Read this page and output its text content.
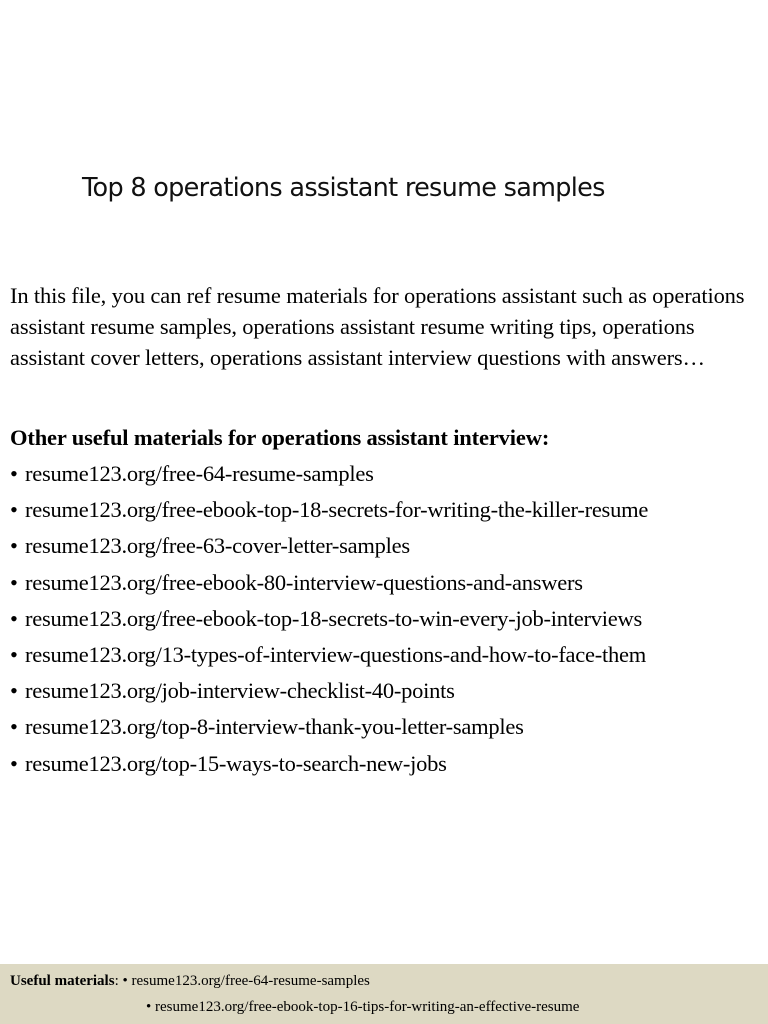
Top 8 operations assistant resume samples

In this file, you can ref resume materials for operations assistant such as operations assistant resume samples, operations assistant resume writing tips, operations assistant cover letters, operations assistant interview questions with answers…

Other useful materials for operations assistant interview:
• resume123.org/free-64-resume-samples
• resume123.org/free-ebook-top-18-secrets-for-writing-the-killer-resume
• resume123.org/free-63-cover-letter-samples
• resume123.org/free-ebook-80-interview-questions-and-answers
• resume123.org/free-ebook-top-18-secrets-to-win-every-job-interviews
• resume123.org/13-types-of-interview-questions-and-how-to-face-them
• resume123.org/job-interview-checklist-40-points
• resume123.org/top-8-interview-thank-you-letter-samples
• resume123.org/top-15-ways-to-search-new-jobs
Useful materials: • resume123.org/free-64-resume-samples
• resume123.org/free-ebook-top-16-tips-for-writing-an-effective-resume
